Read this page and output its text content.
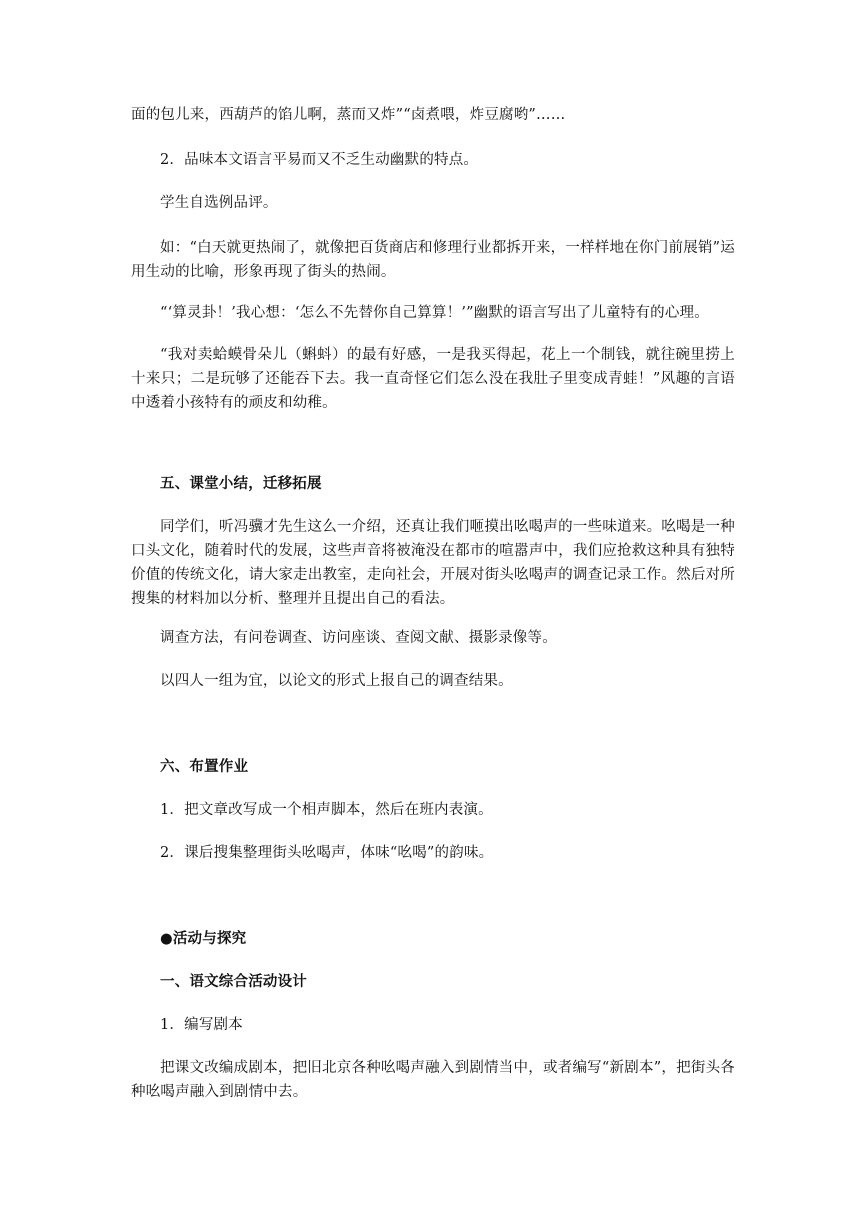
面的包儿来，西葫芦的馅儿啊，蒸而又炸”“卤煮喂，炸豆腐哟”……

2．品味本文语言平易而又不乏生动幽默的特点。

学生自选例品评。

如：“白天就更热闹了，就像把百货商店和修理行业都拆开来，一样样地在你门前展销”运用生动的比喻，形象再现了街头的热闹。

“‘算灵卦！’我心想：‘怎么不先替你自己算算！’”幽默的语言写出了儿童特有的心理。

“我对卖蛤蟆骨朵儿（蝌蚪）的最有好感，一是我买得起，花上一个制钱，就往碗里捞上十来只；二是玩够了还能吞下去。我一直奇怪它们怎么没在我肚子里变成青蛙！”风趣的言语中透着小孩特有的顽皮和幼稚。

五、课堂小结，迁移拓展

同学们，听冯骥才先生这么一介绍，还真让我们咂摸出吆喝声的一些味道来。吆喝是一种口头文化，随着时代的发展，这些声音将被淹没在都市的喧嚣声中，我们应抢救这种具有独特价值的传统文化，请大家走出教室，走向社会，开展对街头吆喝声的调查记录工作。然后对所搜集的材料加以分析、整理并且提出自己的看法。

调查方法，有问卷调查、访问座谈、查阅文献、摄影录像等。

以四人一组为宜，以论文的形式上报自己的调查结果。

六、布置作业

1．把文章改写成一个相声脚本，然后在班内表演。

2．课后搜集整理街头吆喝声，体味“吆喝”的韵味。

●活动与探究

一、语文综合活动设计

1．编写剧本

把课文改编成剧本，把旧北京各种吆喝声融入到剧情当中，或者编写“新剧本”，把街头各种吆喝声融入到剧情中去。
